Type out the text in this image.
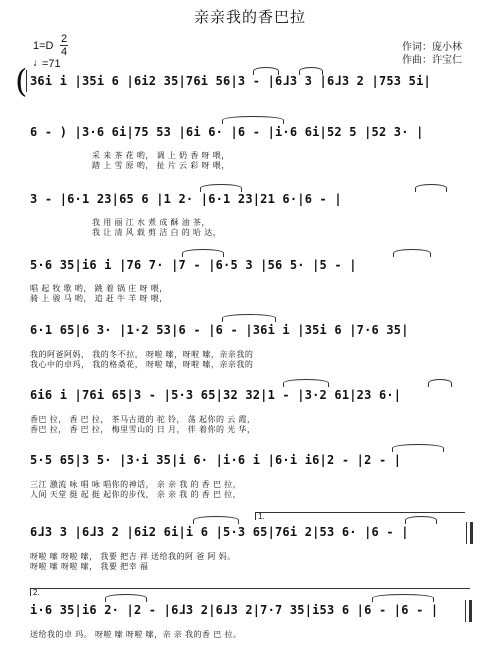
亲亲我的香巴拉
作词：庞小林
作曲：许宝仁
1=D
2
4
♩
=71
( 36i i |35i 6 |6i2 35|76i 56|3 - |6ɺ3 3 |6ɺ3 2 |753 5i|
6 - ) |3·6 6i|75 53 |6i 6· |6 - |i·6 6i|52 5 |52 3· |
采 来 茶 花 哟， 调 上 奶 香 呀 喂，
踏 上 雪 原 哟， 扯 片 云 彩 呀 喂，
3 - |6·1 23|65 6 |1 2· |6·1 23|21 6·|6 - |
我 用 丽 江 水 煮 成 酥 油 茶，
我 让 清 风 载 剪 洁 白 的 哈 达，
5·6 35|i6 i |76 7· |7 - |6·5 3 |56 5· |5 - |
唱 起 牧 歌 哟， 跳 着 锅 庄 呀 喂，
骑 上 骏 马 哟， 追 赶 牛 羊 呀 喂，
6·1 65|6 3· |1·2 53|6 - |6 - |36i i |35i 6 |7·6 35|
我的阿爸阿妈， 我的冬不拉， 呀啦 嗦，呀啦 嗦，亲亲我的
我心中的卓玛， 我的格桑花， 呀啦 嗦，呀啦 嗦，亲亲我的
6i6 i |76i 65|3 - |5·3 65|32 32|1 - |3·2 61|23 6·|
香巴 拉， 香 巴 拉， 茶马古道的 驼 铃， 荡 起你的 云 霞，
香巴 拉， 香 巴 拉， 梅里雪山的 日 月， 伴 着你的 光 华，
5·5 65|3 5· |3·i 35|i 6· |i·6 i |6·i i6|2 - |2 - |
三江 激流 咏 唱 咏 唱你的神话， 亲 亲 我 的 香 巴 拉，
人间 天堂 挺 起 挺 起你的步伐， 亲 亲 我 的 香 巴 拉，
1.
6ɺ3 3 |6ɺ3 2 |6i2 6i|i 6 |5·3 65|76i 2|53 6· |6 - |
呀啦 嗦 呀啦 嗦， 我要 把吉 祥 送给我的阿 爸 阿 妈。
呀啦 嗦 呀啦 嗦， 我要 把幸 福
2.
i·6 35|i6 2· |2 - |6ɺ3 2|6ɺ3 2|7·7 35|i53 6 |6 - |6 - |
送给我的卓 玛。 呀啦 嗦 呀啦 嗦，亲 亲 我的香 巴 拉。
